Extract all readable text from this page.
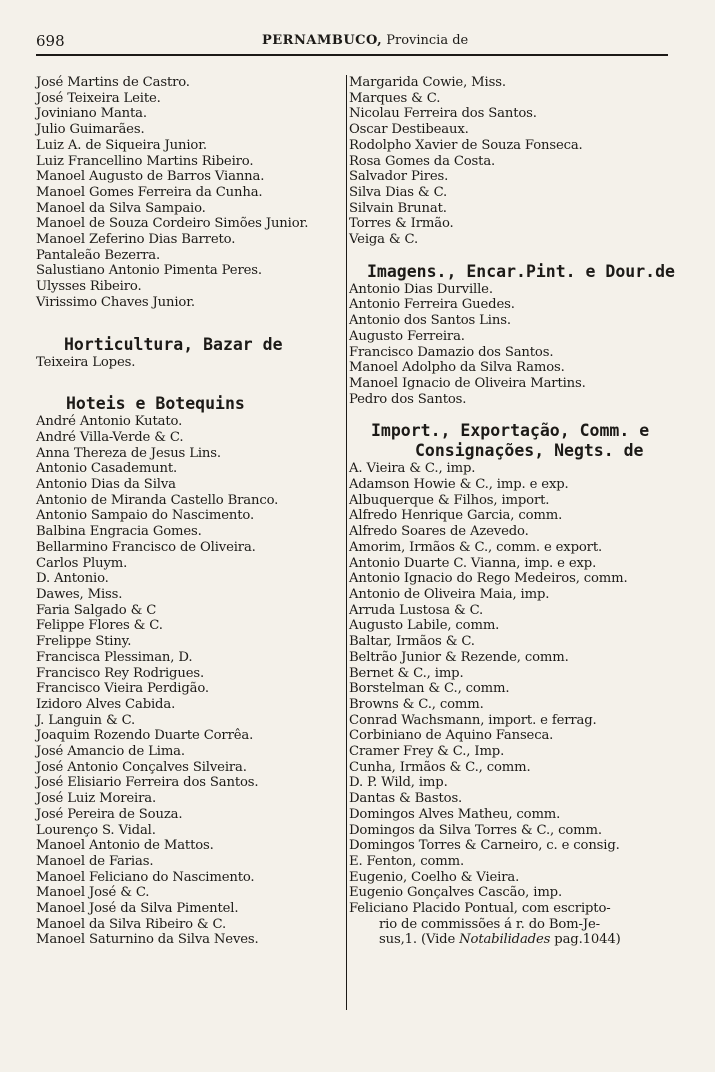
698	PERNAMBUCO, Provincia de
José Martins de Castro.
José Teixeira Leite.
Joviniano Manta.
Julio Guimarães.
Luiz A. de Siqueira Junior.
Luiz Francellino Martins Ribeiro.
Manoel Augusto de Barros Vianna.
Manoel Gomes Ferreira da Cunha.
Manoel da Silva Sampaio.
Manoel de Souza Cordeiro Simões Junior.
Manoel Zeferino Dias Barreto.
Pantaleão Bezerra.
Salustiano Antonio Pimenta Peres.
Ulysses Ribeiro.
Virissimo Chaves Junior.
Horticultura, Bazar de
Teixeira Lopes.
Hoteis e Botequins
André Antonio Kutato.
André Villa-Verde & C.
Anna Thereza de Jesus Lins.
Antonio Casademunt.
Antonio Dias da Silva
Antonio de Miranda Castello Branco.
Antonio Sampaio do Nascimento.
Balbina Engracia Gomes.
Bellarmino Francisco de Oliveira.
Carlos Pluym.
D. Antonio.
Dawes, Miss.
Faria Salgado & C
Felippe Flores & C.
Frelippe Stiny.
Francisca Plessiman, D.
Francisco Rey Rodrigues.
Francisco Vieira Perdigão.
Izidoro Alves Cabida.
J. Languin & C.
Joaquim Rozendo Duarte Corrêa.
José Amancio de Lima.
José Antonio Conçalves Silveira.
José Elisiario Ferreira dos Santos.
José Luiz Moreira.
José Pereira de Souza.
Lourenço S. Vidal.
Manoel Antonio de Mattos.
Manoel de Farias.
Manoel Feliciano do Nascimento.
Manoel José & C.
Manoel José da Silva Pimentel.
Manoel da Silva Ribeiro & C.
Manoel Saturnino da Silva Neves.
Margarida Cowie, Miss.
Marques & C.
Nicolau Ferreira dos Santos.
Oscar Destibeaux.
Rodolpho Xavier de Souza Fonseca.
Rosa Gomes da Costa.
Salvador Pires.
Silva Dias & C.
Silvain Brunat.
Torres & Irmão.
Veiga & C.
Imagens., Encar.Pint. e Dour.de
Antonio Dias Durville.
Antonio Ferreira Guedes.
Antonio dos Santos Lins.
Augusto Ferreira.
Francisco Damazio dos Santos.
Manoel Adolpho da Silva Ramos.
Manoel Ignacio de Oliveira Martins.
Pedro dos Santos.
Import., Exportação, Comm. e
Consignações, Negts. de
A. Vieira & C., imp.
Adamson Howie & C., imp. e exp.
Albuquerque & Filhos, import.
Alfredo Henrique Garcia, comm.
Alfredo Soares de Azevedo.
Amorim, Irmãos & C., comm. e export.
Antonio Duarte C. Vianna, imp. e exp.
Antonio Ignacio do Rego Medeiros, comm.
Antonio de Oliveira Maia, imp.
Arruda Lustosa & C.
Augusto Labile, comm.
Baltar, Irmãos & C.
Beltrão Junior & Rezende, comm.
Bernet & C., imp.
Borstelman & C., comm.
Browns & C., comm.
Conrad Wachsmann, import. e ferrag.
Corbiniano de Aquino Fanseca.
Cramer Frey & C., Imp.
Cunha, Irmãos & C., comm.
D. P. Wild, imp.
Dantas & Bastos.
Domingos Alves Matheu, comm.
Domingos da Silva Torres & C., comm.
Domingos Torres & Carneiro, c. e consig.
E. Fenton, comm.
Eugenio, Coelho & Vieira.
Eugenio Gonçalves Cascão, imp.
Feliciano Placido Pontual, com escripto-
rio de commissões á r. do Bom-Je-
sus,1. (Vide Notabilidades pag.1044)
